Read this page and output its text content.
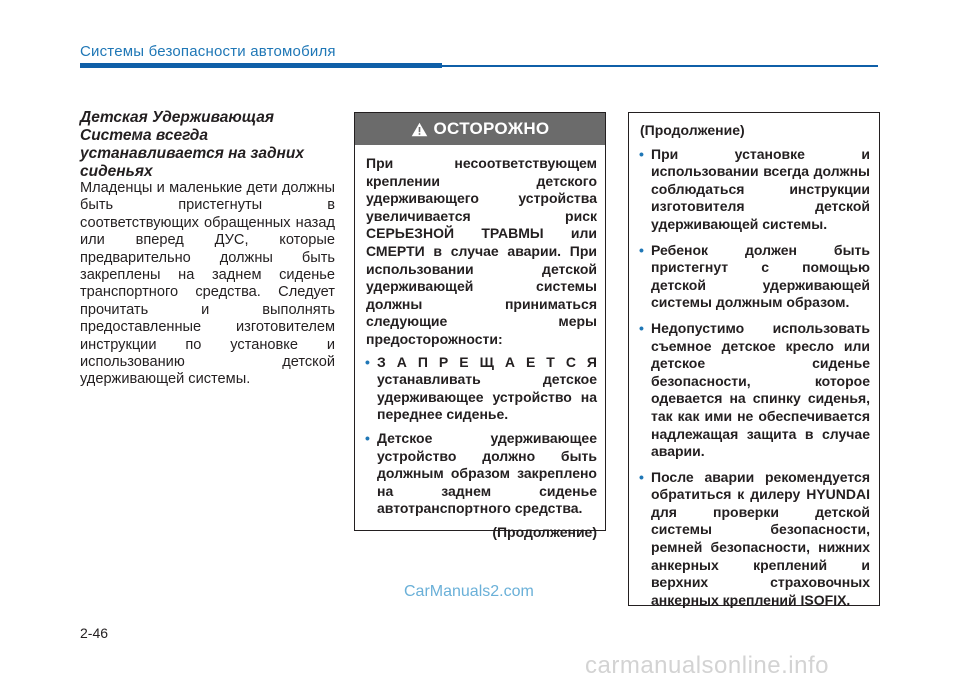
Системы безопасности автомобиля
Детская Удерживающая Система всегда устанавливается на задних сиденьях
Младенцы и маленькие дети должны быть пристегнуты в соответствующих обращенных назад или вперед ДУС, которые предварительно должны быть закреплены на заднем сиденье транспортного средства. Следует прочитать и выполнять предоставленные изготовителем инструкции по установке и использованию детской удерживающей системы.
ОСТОРОЖНО

При несоответствующем креплении детского удерживающего устройства увеличивается риск СЕРЬЕЗНОЙ ТРАВМЫ или СМЕРТИ в случае аварии. При использовании детской удерживающей системы должны приниматься следующие меры предосторожности:

• З А П Р Е Щ А Е Т С Я устанавливать детское удерживающее устройство на переднее сиденье.
• Детское удерживающее устройство должно быть должным образом закреплено на заднем сиденье автотранспортного средства.
(Продолжение)

(Продолжение)

• При установке и использовании всегда должны соблюдаться инструкции изготовителя детской удерживающей системы.
• Ребенок должен быть пристегнут с помощью детской удерживающей системы должным образом.
• Недопустимо использовать съемное детское кресло или детское сиденье безопасности, которое одевается на спинку сиденья, так как ими не обеспечивается надлежащая защита в случае аварии.
• После аварии рекомендуется обратиться к дилеру HYUNDAI для проверки детской системы безопасности, ремней безопасности, нижних анкерных креплений и верхних страховочных анкерных креплений ISOFIX.
CarManuals2.com
2-46
carmanualsonline.info
